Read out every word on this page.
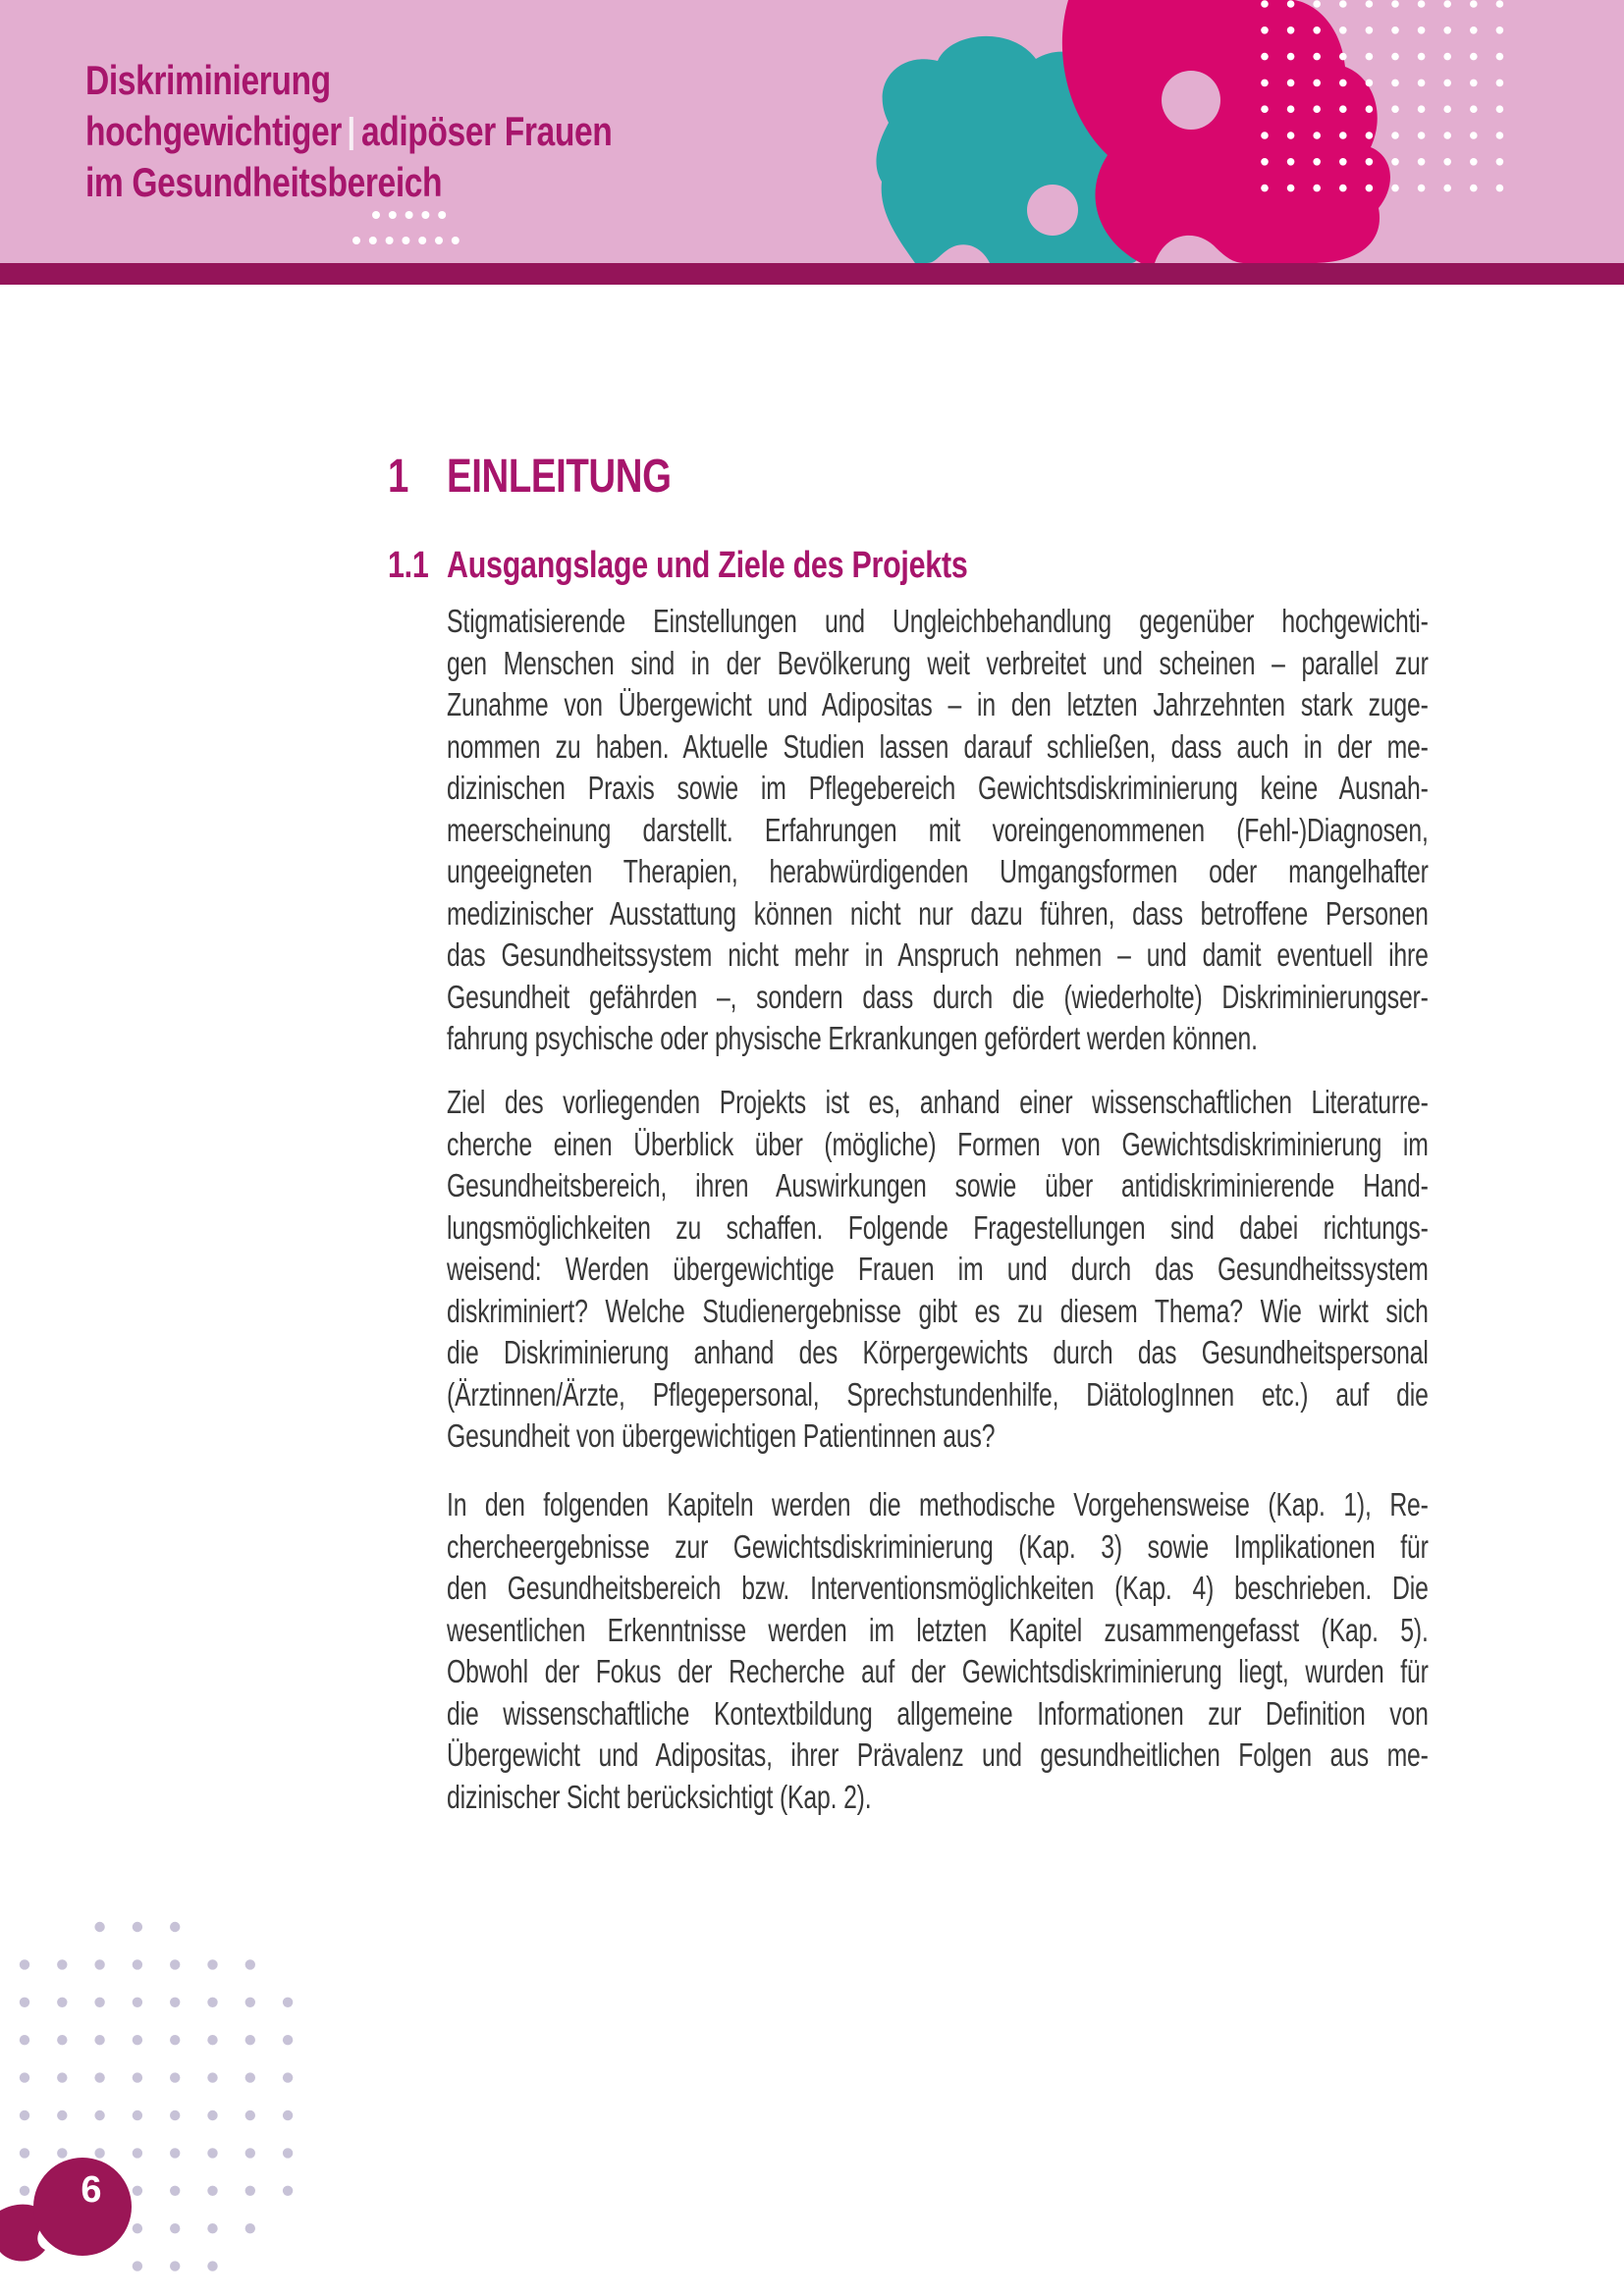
Diskriminierung
hochgewichtiger adipöser Frauen
im Gesundheitsbereich
1 EINLEITUNG
1.1 Ausgangslage und Ziele des Projekts
Stigmatisierende Einstellungen und Ungleichbehandlung gegenüber hochgewichti-
gen Menschen sind in der Bevölkerung weit verbreitet und scheinen – parallel zur
Zunahme von Übergewicht und Adipositas – in den letzten Jahrzehnten stark zuge-
nommen zu haben. Aktuelle Studien lassen darauf schließen, dass auch in der me-
dizinischen Praxis sowie im Pflegebereich Gewichtsdiskriminierung keine Ausnah-
meerscheinung darstellt. Erfahrungen mit voreingenommenen (Fehl-)Diagnosen,
ungeeigneten Therapien, herabwürdigenden Umgangsformen oder mangelhafter
medizinischer Ausstattung können nicht nur dazu führen, dass betroffene Personen
das Gesundheitssystem nicht mehr in Anspruch nehmen – und damit eventuell ihre
Gesundheit gefährden –, sondern dass durch die (wiederholte) Diskriminierungser-
fahrung psychische oder physische Erkrankungen gefördert werden können.
Ziel des vorliegenden Projekts ist es, anhand einer wissenschaftlichen Literaturre-
cherche einen Überblick über (mögliche) Formen von Gewichtsdiskriminierung im
Gesundheitsbereich, ihren Auswirkungen sowie über antidiskriminierende Hand-
lungsmöglichkeiten zu schaffen. Folgende Fragestellungen sind dabei richtungs-
weisend: Werden übergewichtige Frauen im und durch das Gesundheitssystem
diskriminiert? Welche Studienergebnisse gibt es zu diesem Thema? Wie wirkt sich
die Diskriminierung anhand des Körpergewichts durch das Gesundheitspersonal
(Ärztinnen/Ärzte, Pflegepersonal, Sprechstundenhilfe, DiätologInnen etc.) auf die
Gesundheit von übergewichtigen Patientinnen aus?
In den folgenden Kapiteln werden die methodische Vorgehensweise (Kap. 1), Re-
chercheergebnisse zur Gewichtsdiskriminierung (Kap. 3) sowie Implikationen für
den Gesundheitsbereich bzw. Interventionsmöglichkeiten (Kap. 4) beschrieben. Die
wesentlichen Erkenntnisse werden im letzten Kapitel zusammengefasst (Kap. 5).
Obwohl der Fokus der Recherche auf der Gewichtsdiskriminierung liegt, wurden für
die wissenschaftliche Kontextbildung allgemeine Informationen zur Definition von
Übergewicht und Adipositas, ihrer Prävalenz und gesundheitlichen Folgen aus me-
dizinischer Sicht berücksichtigt (Kap. 2).
6
